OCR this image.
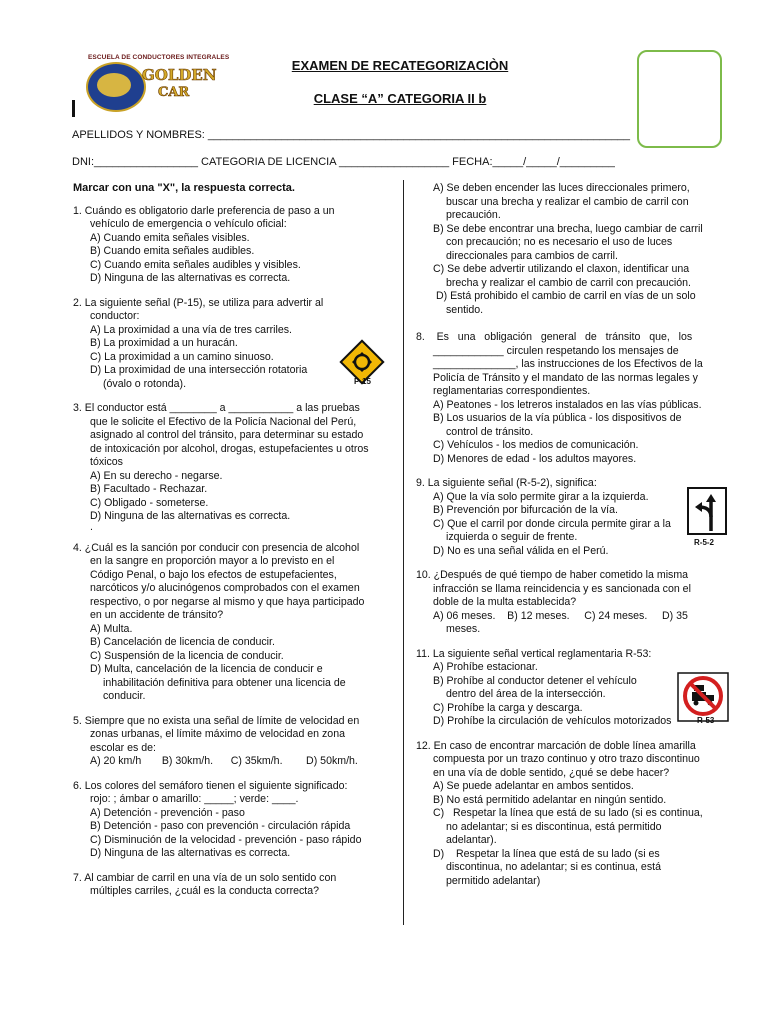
ESCUELA DE CONDUCTORES INTEGRALES
GOLDEN
CAR
EXAMEN DE RECATEGORIZACIÒN
CLASE “A” CATEGORIA II b
APELLIDOS Y NOMBRES: _____________________________________________________________________
DNI:_________________ CATEGORIA DE LICENCIA __________________ FECHA:_____/_____/_________

Marcar con una "X", la respuesta correcta.

1. Cuándo es obligatorio darle preferencia de paso a un

vehículo de emergencia o vehículo oficial:

A) Cuando emita señales visibles.

B) Cuando emita señales audibles.

C) Cuando emita señales audibles y visibles.

D) Ninguna de las alternativas es correcta.

2. La siguiente señal (P-15), se utiliza para advertir al

conductor:

A) La proximidad a una vía de tres carriles.

B) La proximidad a un huracán.

C) La proximidad a un camino sinuoso.

D) La proximidad de una intersección rotatoria

(óvalo o rotonda).

3. El conductor está ________ a ___________ a las pruebas

que le solicite el Efectivo de la Policía Nacional del Perú,

asignado al control del tránsito, para determinar su estado

de intoxicación por alcohol, drogas, estupefacientes u otros

tóxicos

A) En su derecho - negarse.

B) Facultado - Rechazar.

C) Obligado - someterse.

D) Ninguna de las alternativas es correcta.

.

4. ¿Cuál es la sanción por conducir con presencia de alcohol

en la sangre en proporción mayor a lo previsto en el

Código Penal, o bajo los efectos de estupefacientes,

narcóticos y/o alucinógenos comprobados con el examen

respectivo, o por negarse al mismo y que haya participado

en un accidente de tránsito?

A) Multa.

B) Cancelación de licencia de conducir.

C) Suspensión de la licencia de conducir.

D) Multa, cancelación de la licencia de conducir e

inhabilitación definitiva para obtener una licencia de

conducir.

5. Siempre que no exista una señal de límite de velocidad en

zonas urbanas, el límite máximo de velocidad en zona

escolar es de:

A) 20 km/h       B) 30km/h.      C) 35km/h.        D) 50km/h.

6. Los colores del semáforo tienen el siguiente significado:

rojo: ; ámbar o amarillo: _____; verde: ____.

A) Detención - prevención - paso

B) Detención - paso con prevención - circulación rápida

C) Disminución de la velocidad - prevención - paso rápido

D) Ninguna de las alternativas es correcta.

7. Al cambiar de carril en una vía de un solo sentido con

múltiples carriles, ¿cuál es la conducta correcta?

P-15

A) Se deben encender las luces direccionales primero,

buscar una brecha y realizar el cambio de carril con

precaución.

B) Se debe encontrar una brecha, luego cambiar de carril

con precaución; no es necesario el uso de luces

direccionales para cambios de carril.

C) Se debe advertir utilizando el claxon, identificar una

brecha y realizar el cambio de carril con precaución.

D) Está prohibido el cambio de carril en vías de un solo

sentido.

8.    Es   una   obligación   general   de   tránsito   que,   los

____________ circulen respetando los mensajes de

______________, las instrucciones de los Efectivos de la

Policía de Tránsito y el mandato de las normas legales y

reglamentarias correspondientes.

A) Peatones - los letreros instalados en las vías públicas.

B) Los usuarios de la vía pública - los dispositivos de

control de tránsito.

C) Vehículos - los medios de comunicación.

D) Menores de edad - los adultos mayores.

9. La siguiente señal (R-5-2), significa:

A) Que la vía solo permite girar a la izquierda.

B) Prevención por bifurcación de la vía.

C) Que el carril por donde circula permite girar a la

izquierda o seguir de frente.

D) No es una señal válida en el Perú.

10. ¿Después de qué tiempo de haber cometido la misma

infracción se llama reincidencia y es sancionada con el

doble de la multa establecida?

A) 06 meses.    B) 12 meses.     C) 24 meses.     D) 35

meses.

11. La siguiente señal vertical reglamentaria R-53:

A) Prohíbe estacionar.

B) Prohíbe al conductor detener el vehículo

dentro del área de la intersección.

C) Prohíbe la carga y descarga.

D) Prohíbe la circulación de vehículos motorizados

12. En caso de encontrar marcación de doble línea amarilla

compuesta por un trazo continuo y otro trazo discontinuo

en una vía de doble sentido, ¿qué se debe hacer?

A) Se puede adelantar en ambos sentidos.

B) No está permitido adelantar en ningún sentido.

C)   Respetar la línea que está de su lado (si es continua,

no adelantar; si es discontinua, está permitido

adelantar).

D)    Respetar la línea que está de su lado (si es

discontinua, no adelantar; si es continua, está

permitido adelantar)

R-5-2
R-53
